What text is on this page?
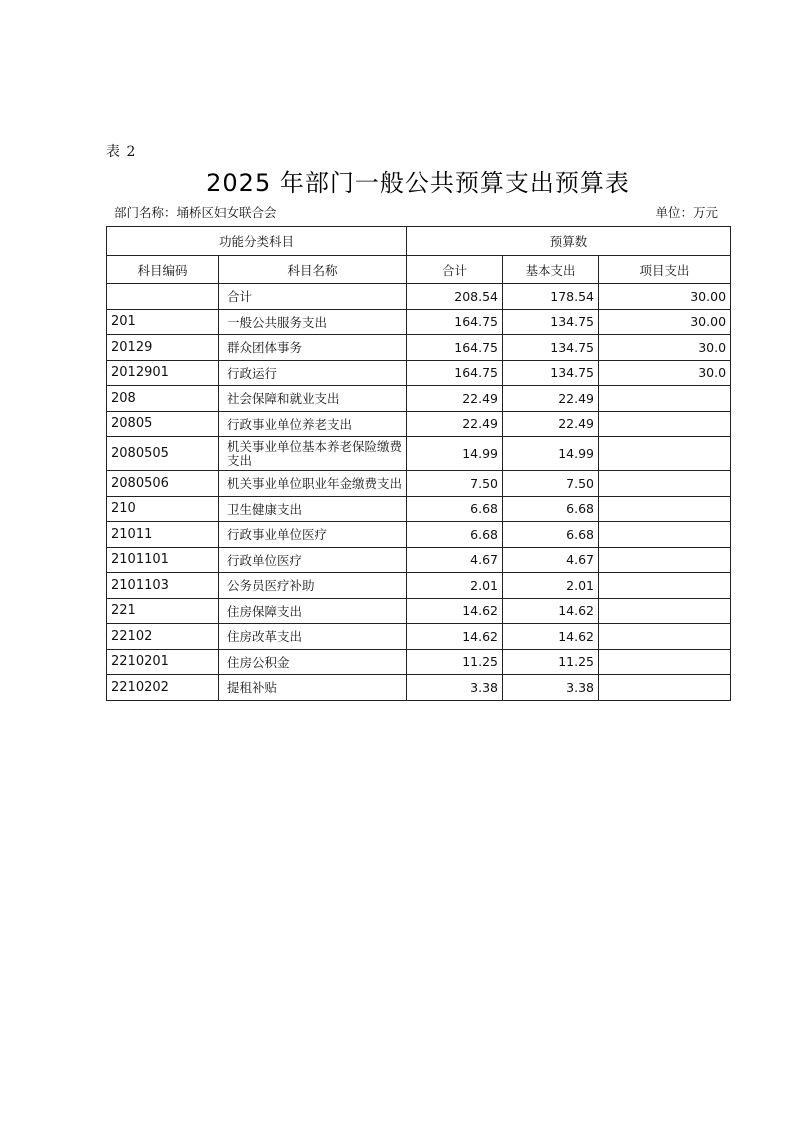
表 2
2025 年部门一般公共预算支出预算表
部门名称：埇桥区妇女联合会	单位：万元
功能分类科目		预算数		
科目编码	科目名称	合计	基本支出	项目支出
	合计	208.54	178.54	30.00
201	一般公共服务支出	164.75	134.75	30.00
20129	群众团体事务	164.75	134.75	30.0
2012901	行政运行	164.75	134.75	30.0
208	社会保障和就业支出	22.49	22.49	
20805	行政事业单位养老支出	22.49	22.49	
2080505	机关事业单位基本养老保险缴费支出	14.99	14.99	
2080506	机关事业单位职业年金缴费支出	7.50	7.50	
210	卫生健康支出	6.68	6.68	
21011	行政事业单位医疗	6.68	6.68	
2101101	行政单位医疗	4.67	4.67	
2101103	公务员医疗补助	2.01	2.01	
221	住房保障支出	14.62	14.62	
22102	住房改革支出	14.62	14.62	
2210201	住房公积金	11.25	11.25	
2210202	提租补贴	3.38	3.38	
